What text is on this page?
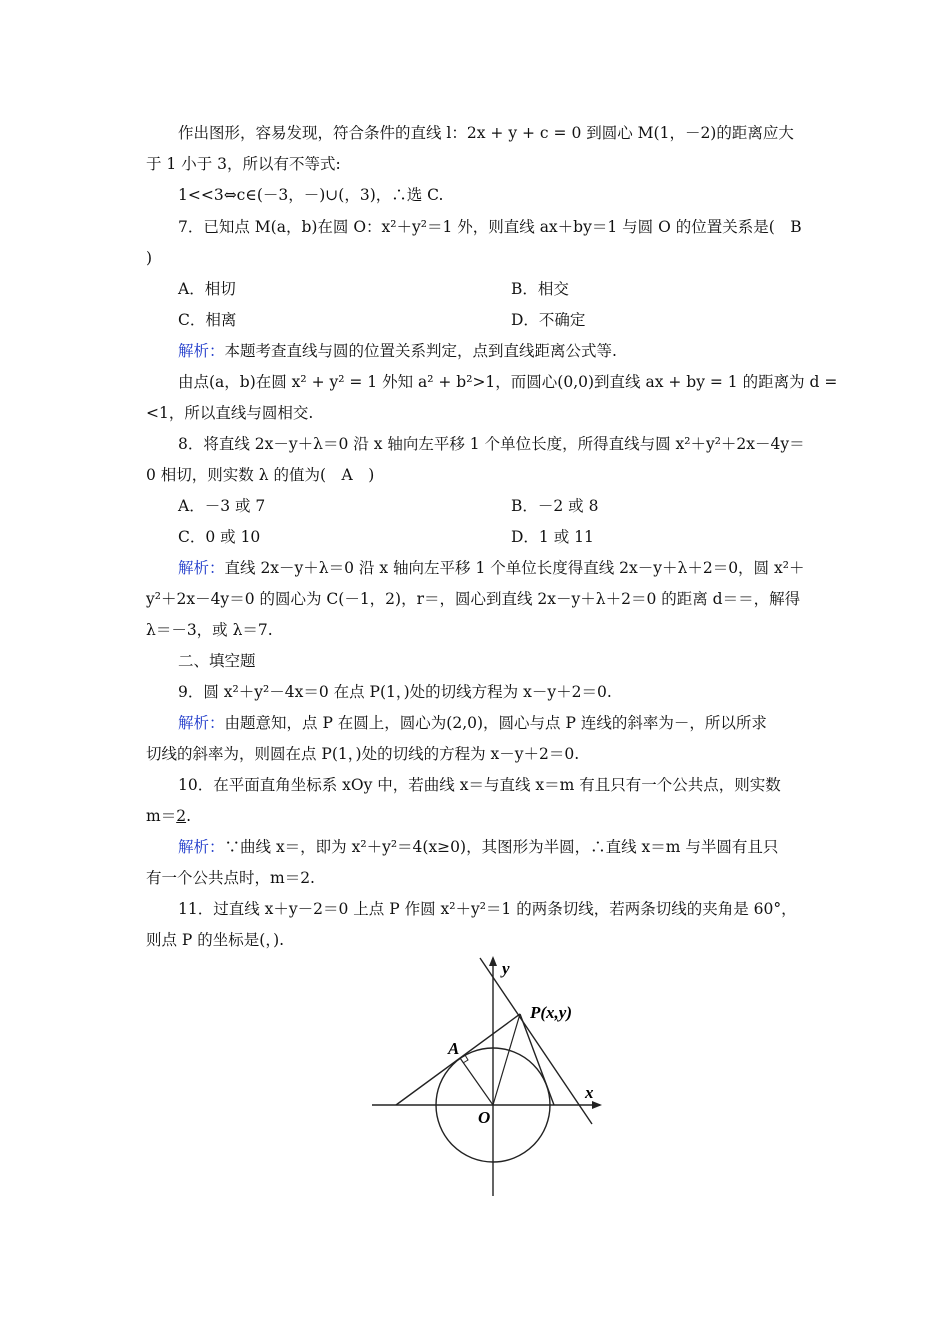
作出图形，容易发现，符合条件的直线 l：2x + y + c = 0 到圆心 M(1，－2)的距离应大
于 1 小于 3，所以有不等式:
1<<3⇔c∈(－3，－)∪(，3)，∴选 C.
7．已知点 M(a，b)在圆 O：x²＋y²＝1 外，则直线 ax＋by＝1 与圆 O 的位置关系是(　B
)
A．相切	B．相交
C．相离	D．不确定
解析：本题考查直线与圆的位置关系判定，点到直线距离公式等.
由点(a，b)在圆 x² + y² = 1 外知 a² + b²>1，而圆心(0,0)到直线 ax + by = 1 的距离为 d =
<1，所以直线与圆相交.
8．将直线 2x－y＋λ＝0 沿 x 轴向左平移 1 个单位长度，所得直线与圆 x²＋y²＋2x－4y＝
0 相切，则实数 λ 的值为(　A　)
A．－3 或 7	B．－2 或 8
C．0 或 10	D．1 或 11
解析：直线 2x－y＋λ＝0 沿 x 轴向左平移 1 个单位长度得直线 2x－y＋λ＋2＝0，圆 x²＋
y²＋2x－4y＝0 的圆心为 C(－1，2)，r＝，圆心到直线 2x－y＋λ＋2＝0 的距离 d＝＝，解得
λ＝－3，或 λ＝7.
二、填空题
9．圆 x²＋y²－4x＝0 在点 P(1，)处的切线方程为 x－y＋2＝0.
解析：由题意知，点 P 在圆上，圆心为(2,0)，圆心与点 P 连线的斜率为－，所以所求
切线的斜率为，则圆在点 P(1，)处的切线的方程为 x－y＋2＝0.
10．在平面直角坐标系 xOy 中，若曲线 x＝与直线 x＝m 有且只有一个公共点，则实数
m＝2.
解析：∵曲线 x＝，即为 x²＋y²＝4(x≥0)，其图形为半圆，∴直线 x＝m 与半圆有且只
有一个公共点时，m＝2.
11．过直线 x＋y－2＝0 上点 P 作圆 x²＋y²＝1 的两条切线，若两条切线的夹角是 60°，
则点 P 的坐标是(，).
y
x
P(x,y)
A
O
